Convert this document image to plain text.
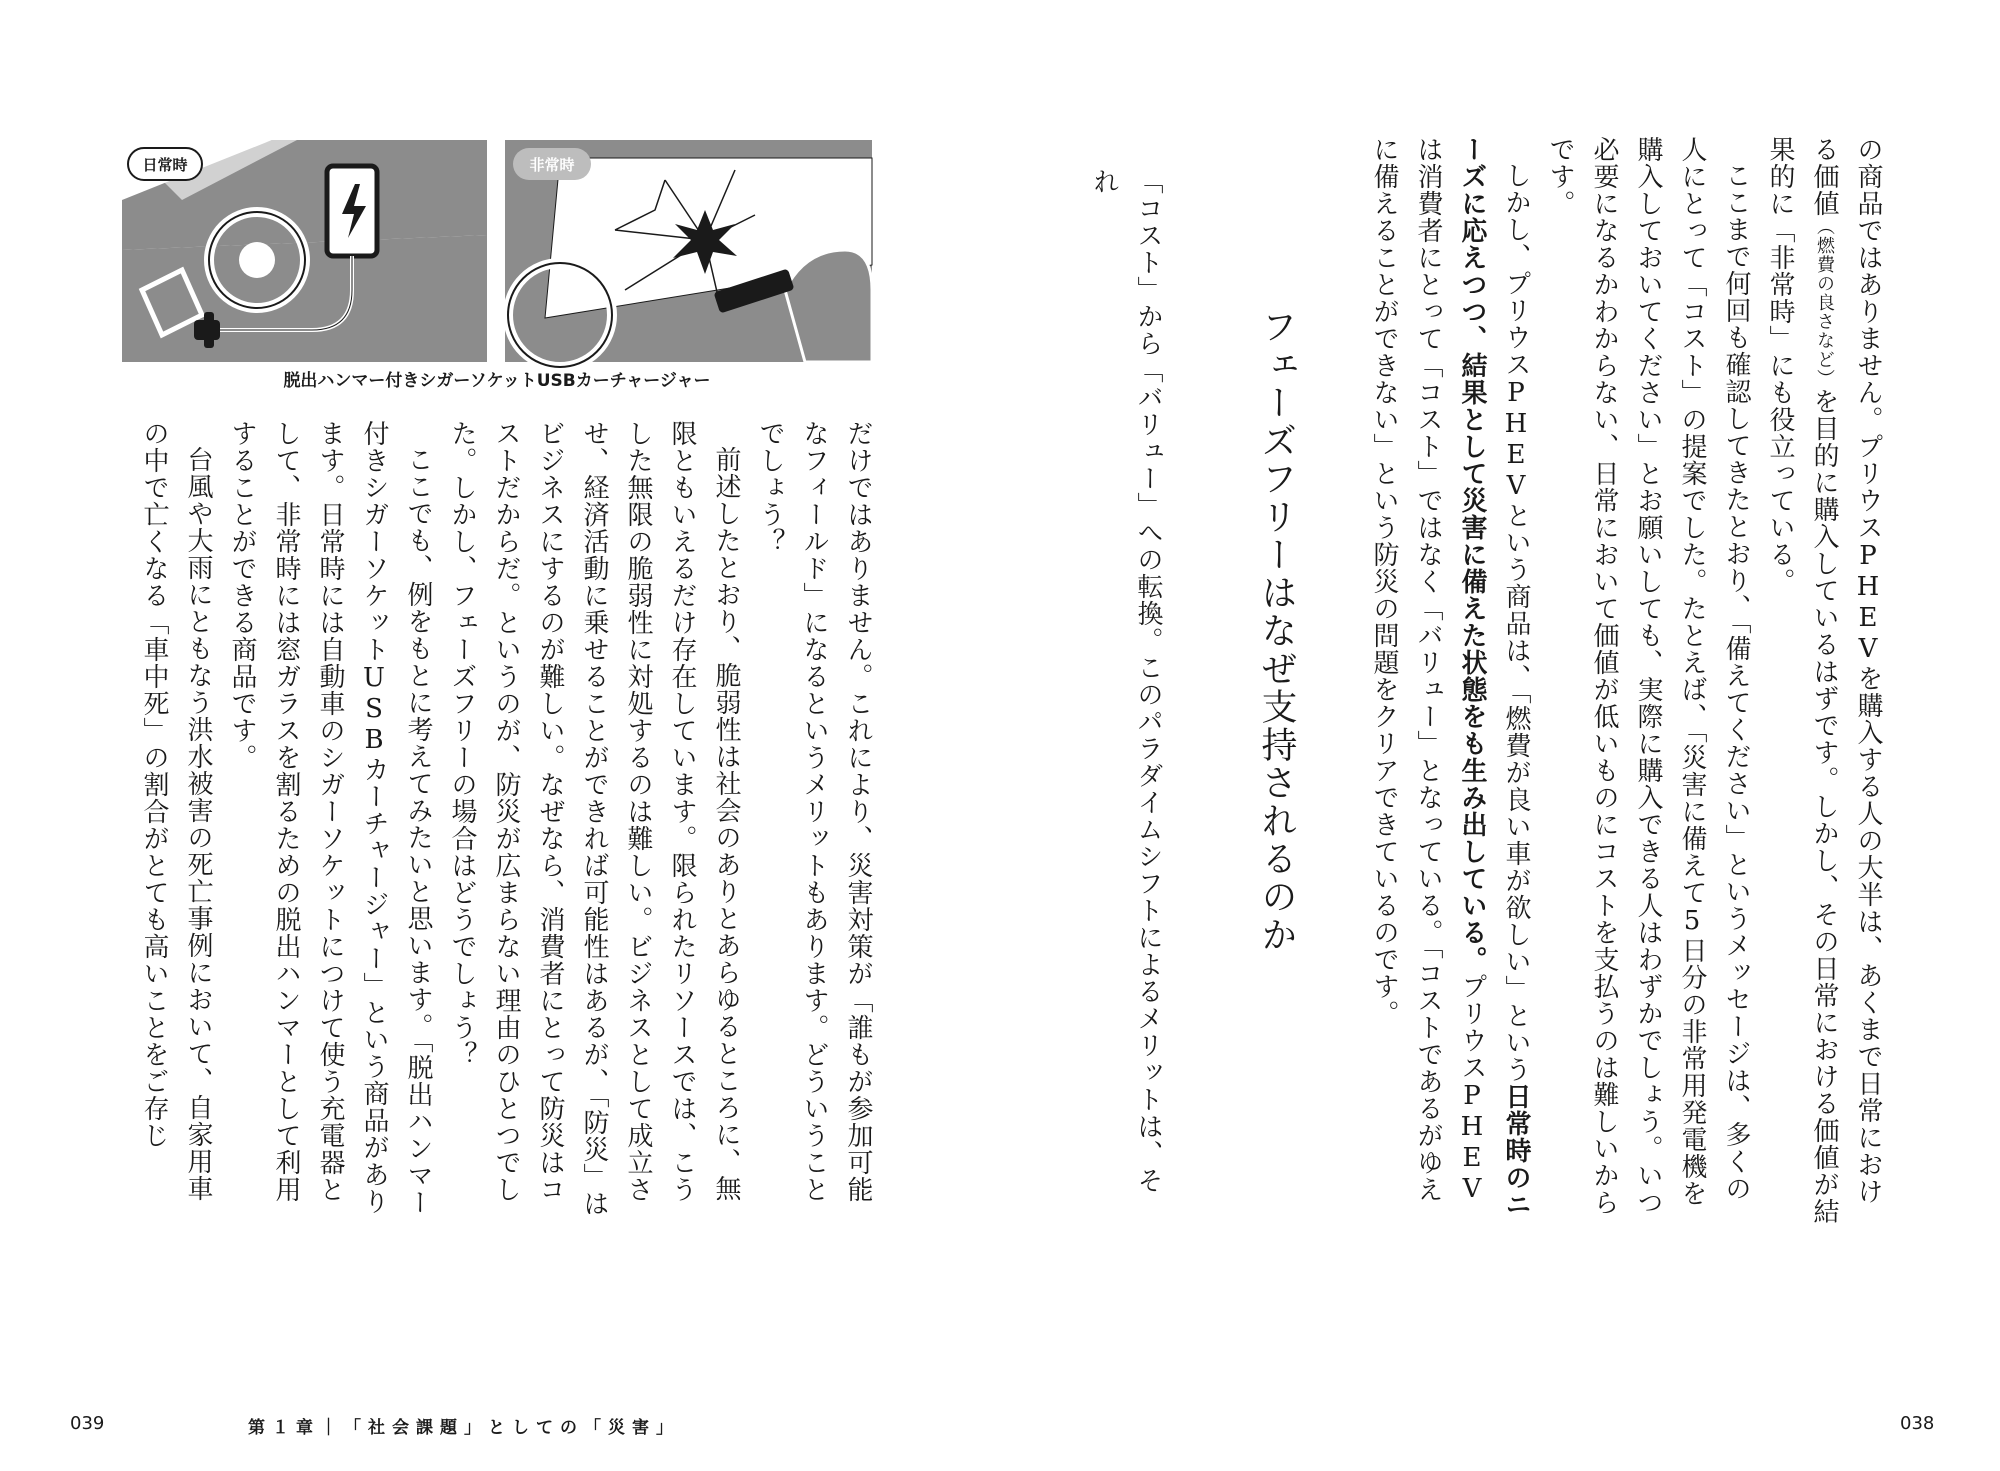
の商品ではありません。プリウスPHEVを購入する人の大半は、あくまで日常における価値（燃費の良さなど）を目的に購入しているはずです。しかし、その日常における価値が結果的に「非常時」にも役立っている。

ここまで何回も確認してきたとおり、「備えてください」というメッセージは、多くの人にとって「コスト」の提案でした。たとえば、「災害に備えて5日分の非常用発電機を購入しておいてください」とお願いしても、実際に購入できる人はわずかでしょう。いつ必要になるかわからない、日常において価値が低いものにコストを支払うのは難しいからです。

しかし、プリウスPHEVという商品は、「燃費が良い車が欲しい」という日常時のニーズに応えつつ、結果として災害に備えた状態をも生み出している。プリウスPHEVは消費者にとって「コスト」ではなく「バリュー」となっている。「コストであるがゆえに備えることができない」という防災の問題をクリアできているのです。

フェーズフリーはなぜ支持されるのか
「コスト」から「バリュー」への転換。このパラダイムシフトによるメリットは、それ
日常時	非常時
脱出ハンマー付きシガーソケットUSBカーチャージャー

だけではありません。これにより、災害対策が「誰もが参加可能なフィールド」になるというメリットもあります。どういうことでしょう？

前述したとおり、脆弱性は社会のありとあらゆるところに、無限ともいえるだけ存在しています。限られたリソースでは、こうした無限の脆弱性に対処するのは難しい。ビジネスとして成立させ、経済活動に乗せることができれば可能性はあるが、「防災」はビジネスにするのが難しい。なぜなら、消費者にとって防災はコストだからだ。というのが、防災が広まらない理由のひとつでした。しかし、フェーズフリーの場合はどうでしょう？

ここでも、例をもとに考えてみたいと思います。「脱出ハンマー付きシガーソケットUSBカーチャージャー」という商品があります。日常時には自動車のシガーソケットにつけて使う充電器として、非常時には窓ガラスを割るための脱出ハンマーとして利用することができる商品です。

台風や大雨にともなう洪水被害の死亡事例において、自家用車の中で亡くなる「車中死」の割合がとても高いことをご存じ

039	第１章｜「社会課題」としての「災害」	038
